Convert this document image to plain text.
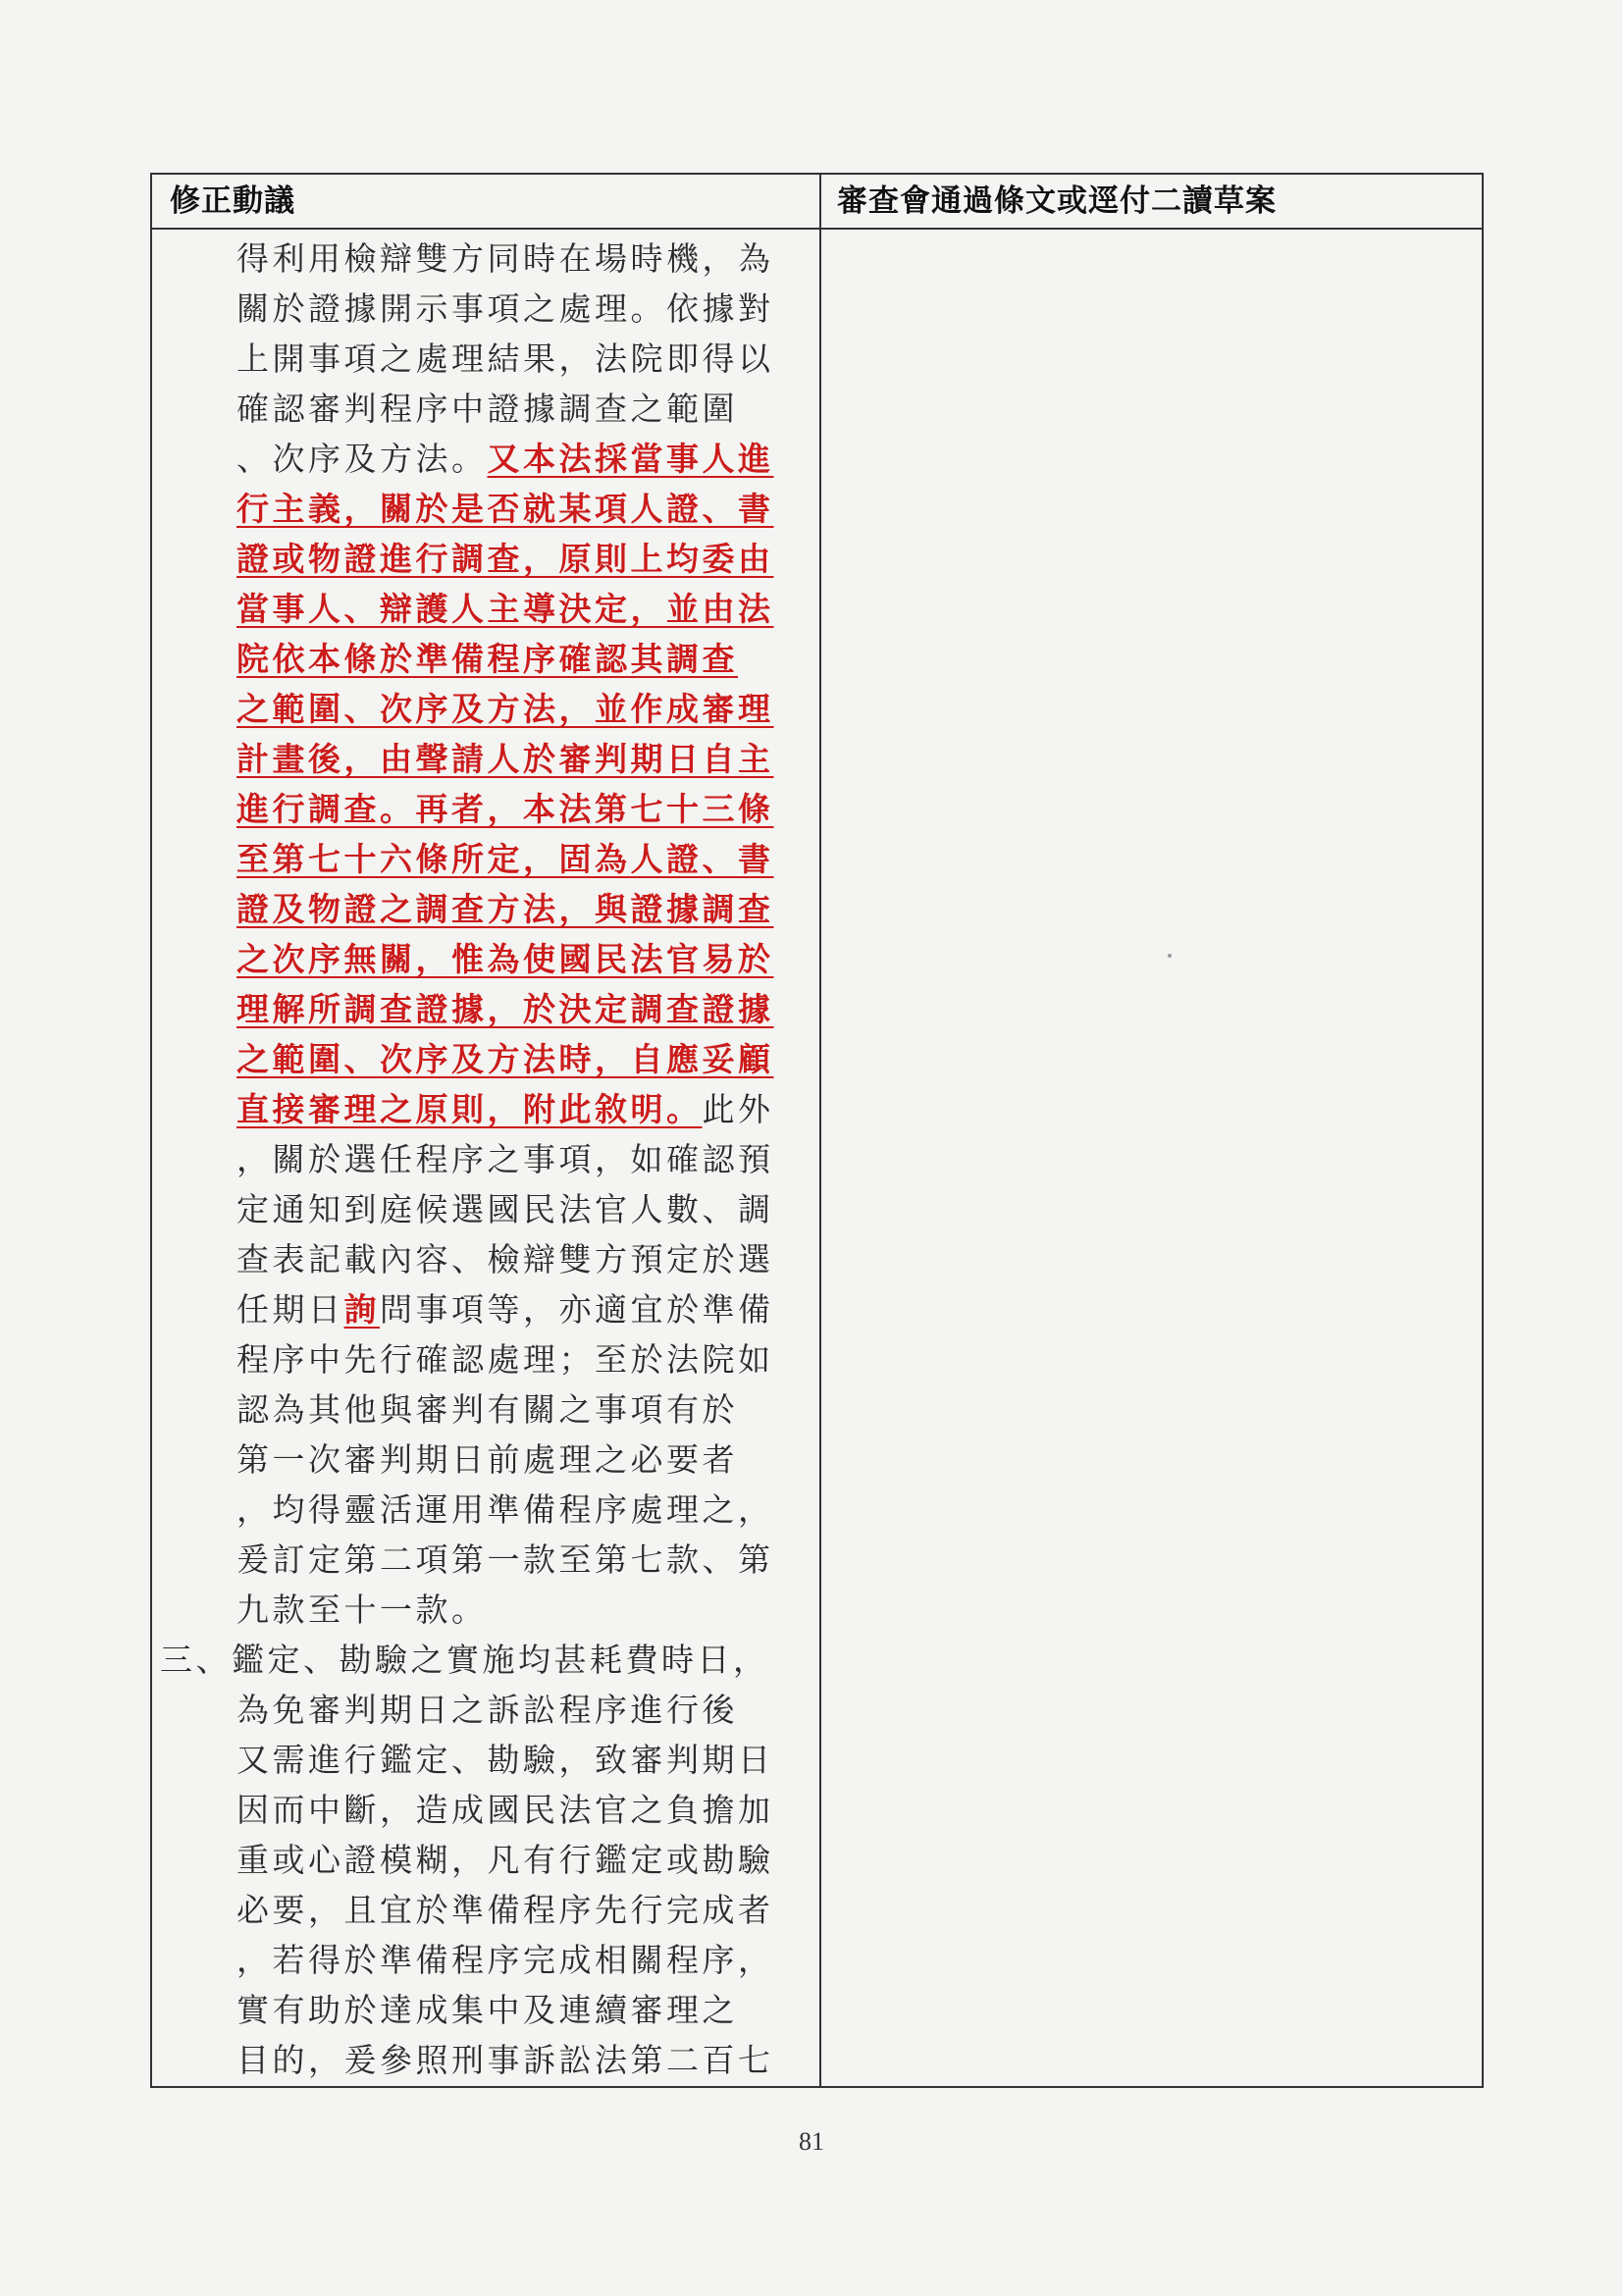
修正動議	審查會通過條文或逕付二讀草案
得利用檢辯雙方同時在場時機，為
關於證據開示事項之處理。依據對
上開事項之處理結果，法院即得以
確認審判程序中證據調查之範圍
、次序及方法。又本法採當事人進
行主義，關於是否就某項人證、書
證或物證進行調查，原則上均委由
當事人、辯護人主導決定，並由法
院依本條於準備程序確認其調查
之範圍、次序及方法，並作成審理
計畫後，由聲請人於審判期日自主
進行調查。再者，本法第七十三條
至第七十六條所定，固為人證、書
證及物證之調查方法，與證據調查
之次序無關，惟為使國民法官易於
理解所調查證據，於決定調查證據
之範圍、次序及方法時，自應妥顧
直接審理之原則，附此敘明。此外
，關於選任程序之事項，如確認預
定通知到庭候選國民法官人數、調
查表記載內容、檢辯雙方預定於選
任期日詢問事項等，亦適宜於準備
程序中先行確認處理；至於法院如
認為其他與審判有關之事項有於
第一次審判期日前處理之必要者
，均得靈活運用準備程序處理之，
爰訂定第二項第一款至第七款、第
九款至十一款。
三、鑑定、勘驗之實施均甚耗費時日，
為免審判期日之訴訟程序進行後
又需進行鑑定、勘驗，致審判期日
因而中斷，造成國民法官之負擔加
重或心證模糊，凡有行鑑定或勘驗
必要，且宜於準備程序先行完成者
，若得於準備程序完成相關程序，
實有助於達成集中及連續審理之
目的，爰參照刑事訴訟法第二百七
81
